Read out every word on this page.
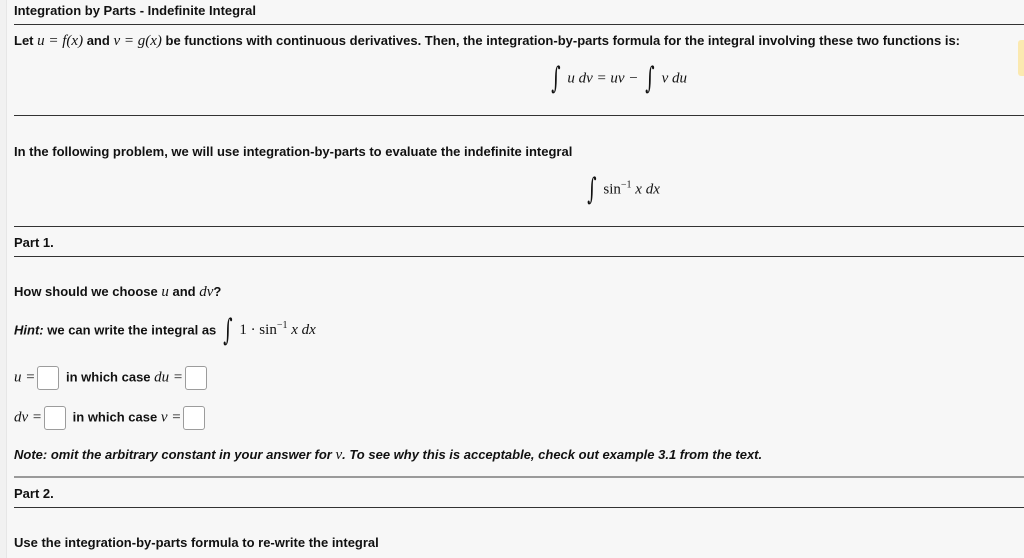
Integration by Parts - Indefinite Integral
Let u = f(x) and v = g(x) be functions with continuous derivatives. Then, the integration-by-parts formula for the integral involving these two functions is:
∫ u dv = uv − ∫ v du
In the following problem, we will use integration-by-parts to evaluate the indefinite integral
∫ $\sin^{-1} x$ dx
Part 1.
How should we choose u and dv?
Hint: we can write the integral as ∫ $1 \cdot \sin^{-1} x$ dx
u = in which case du =
dv = in which case v =
Note: omit the arbitrary constant in your answer for v. To see why this is acceptable, check out example 3.1 from the text.
Part 2.
Use the integration-by-parts formula to re-write the integral
